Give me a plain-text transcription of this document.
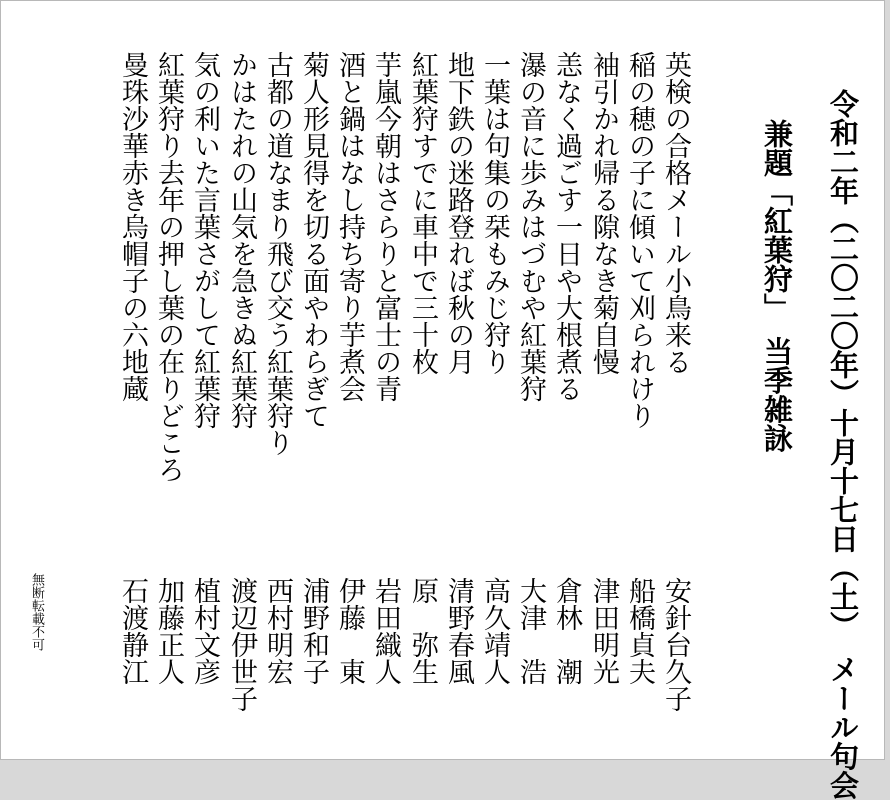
令和二年（二〇二〇年）十月十七日（土）　メール句会
兼題「紅葉狩」　当季雑詠
英検の合格メール小鳥来る
安針台久子
稲の穂の子に傾いて刈られけり
船橋貞夫
袖引かれ帰る隙なき菊自慢
津田明光
恙なく過ごす一日や大根煮る
倉林　潮
瀑の音に歩みはづむや紅葉狩
大津　浩
一葉は句集の栞もみじ狩り
高久靖人
地下鉄の迷路登れば秋の月
清野春風
紅葉狩すでに車中で三十枚
原　弥生
芋嵐今朝はさらりと富士の青
岩田織人
酒と鍋はなし持ち寄り芋煮会
伊藤　東
菊人形見得を切る面やわらぎて
浦野和子
古都の道なまり飛び交う紅葉狩り
西村明宏
かはたれの山気を急きぬ紅葉狩
渡辺伊世子
気の利いた言葉さがして紅葉狩
植村文彦
紅葉狩り去年の押し葉の在りどころ
加藤正人
曼珠沙華赤き烏帽子の六地蔵
石渡静江
無断転載不可
